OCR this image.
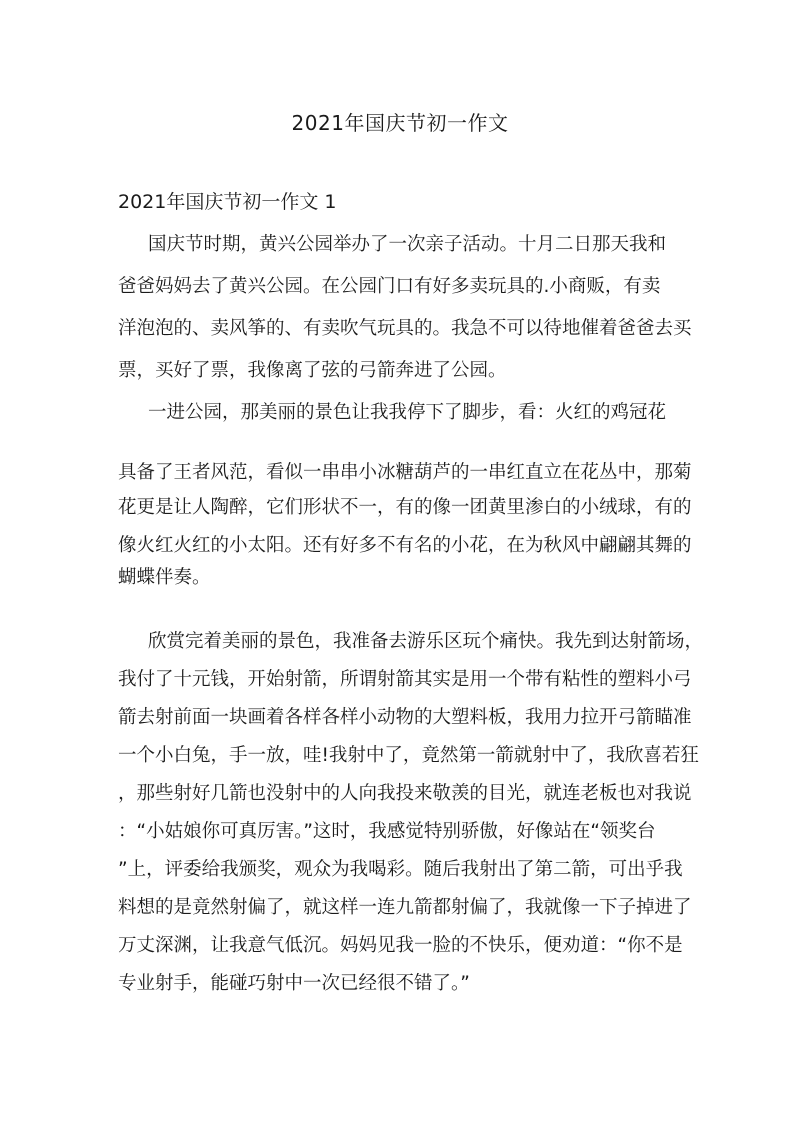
2021年国庆节初一作文
2021年国庆节初一作文 1
国庆节时期，黄兴公园举办了一次亲子活动。十月二日那天我和
爸爸妈妈去了黄兴公园。在公园门口有好多卖玩具的.小商贩，有卖
洋泡泡的、卖风筝的、有卖吹气玩具的。我急不可以待地催着爸爸去买
票，买好了票，我像离了弦的弓箭奔进了公园。
一进公园，那美丽的景色让我我停下了脚步，看：火红的鸡冠花
具备了王者风范，看似一串串小冰糖葫芦的一串红直立在花丛中，那菊
花更是让人陶醉，它们形状不一，有的像一团黄里渗白的小绒球，有的
像火红火红的小太阳。还有好多不有名的小花，在为秋风中翩翩其舞的
蝴蝶伴奏。
欣赏完着美丽的景色，我准备去游乐区玩个痛快。我先到达射箭场，
我付了十元钱，开始射箭，所谓射箭其实是用一个带有粘性的塑料小弓
箭去射前面一块画着各样各样小动物的大塑料板，我用力拉开弓箭瞄准
一个小白兔，手一放，哇!我射中了，竟然第一箭就射中了，我欣喜若狂
，那些射好几箭也没射中的人向我投来敬羡的目光，就连老板也对我说
：“小姑娘你可真厉害。”这时，我感觉特别骄傲，好像站在“领奖台
”上，评委给我颁奖，观众为我喝彩。随后我射出了第二箭，可出乎我
料想的是竟然射偏了，就这样一连九箭都射偏了，我就像一下子掉进了
万丈深渊，让我意气低沉。妈妈见我一脸的不快乐，便劝道：“你不是
专业射手，能碰巧射中一次已经很不错了。”
